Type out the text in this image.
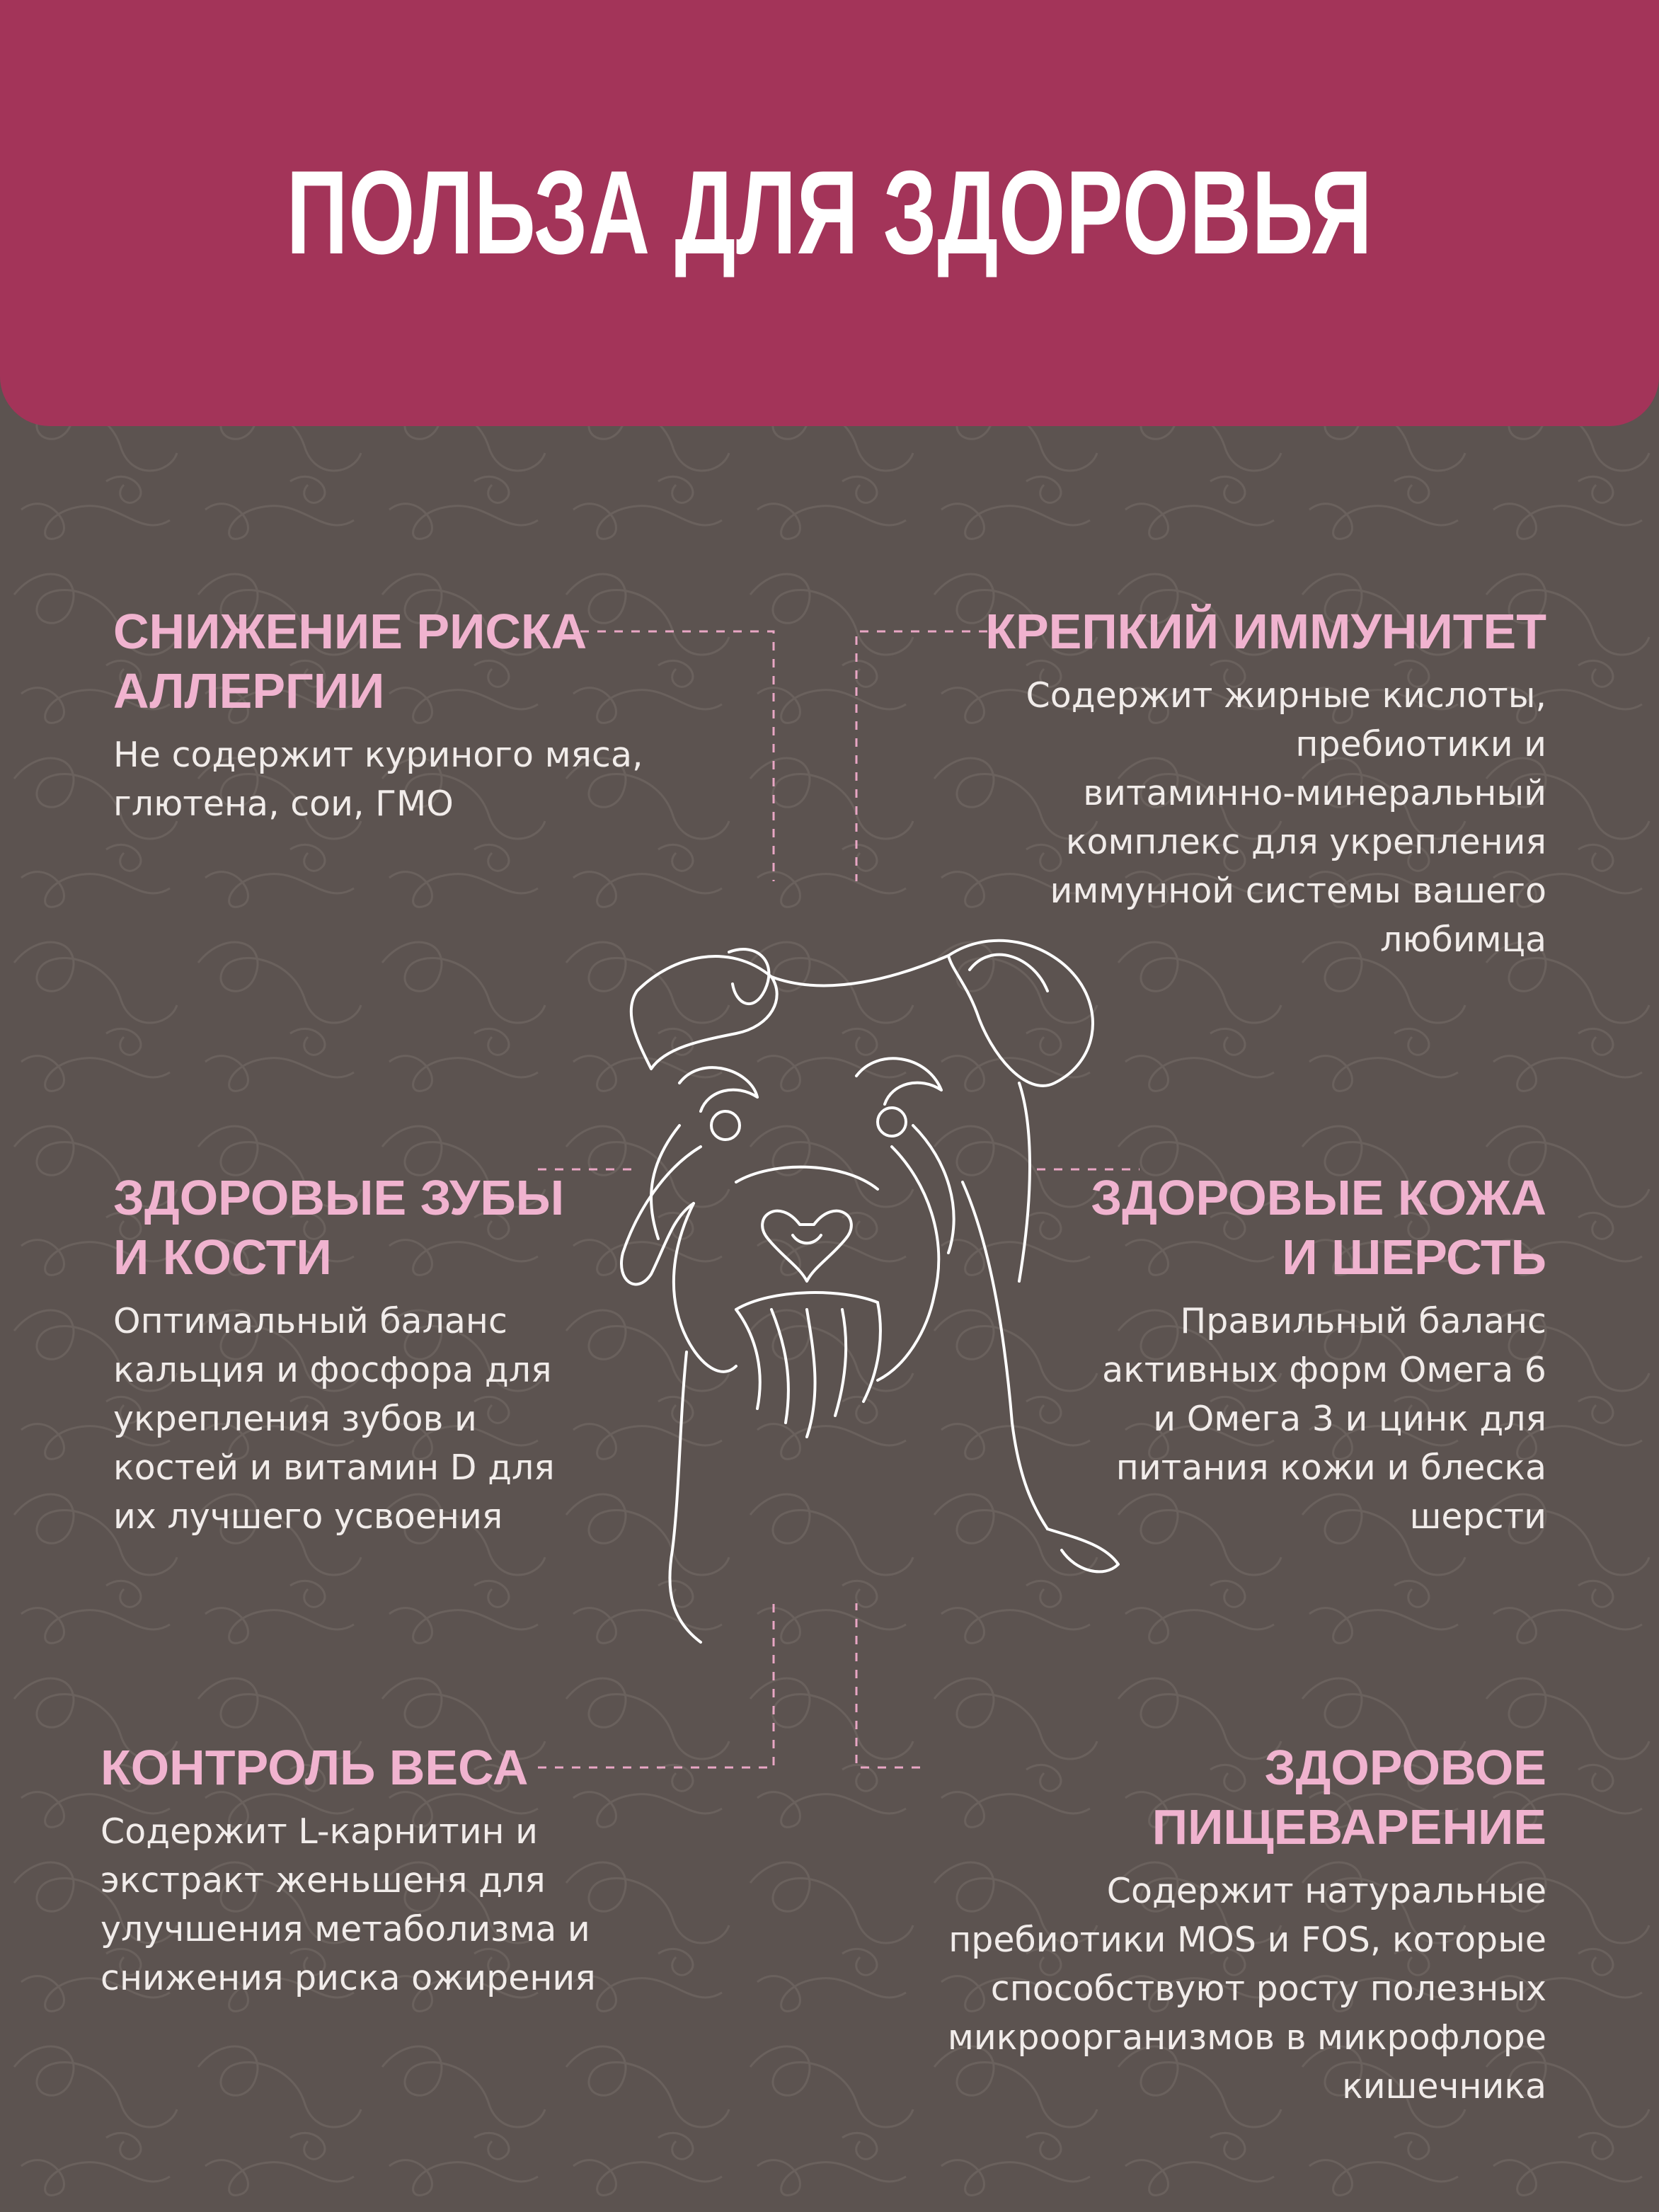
ПОЛЬЗА ДЛЯ ЗДОРОВЬЯ
СНИЖЕНИЕ РИСКА
АЛЛЕРГИИ
Не содержит куриного мяса,
глютена, сои, ГМО
КРЕПКИЙ ИММУНИТЕТ
Содержит жирные кислоты,
пребиотики и
витаминно-минеральный
комплекс для укрепления
иммунной системы вашего
любимца
ЗДОРОВЫЕ ЗУБЫ
И КОСТИ
Оптимальный баланс
кальция и фосфора для
укрепления зубов и
костей и витамин D для
их лучшего усвоения
ЗДОРОВЫЕ КОЖА
И ШЕРСТЬ
Правильный баланс
активных форм Омега 6
и Омега 3 и цинк для
питания кожи и блеска
шерсти
КОНТРОЛЬ ВЕСА
Содержит L-карнитин и
экстракт женьшеня для
улучшения метаболизма и
снижения риска ожирения
ЗДОРОВОЕ ПИЩЕВАРЕНИЕ
Содержит натуральные
пребиотики MOS и FOS, которые
способствуют росту полезных
микроорганизмов в микрофлоре
кишечника
